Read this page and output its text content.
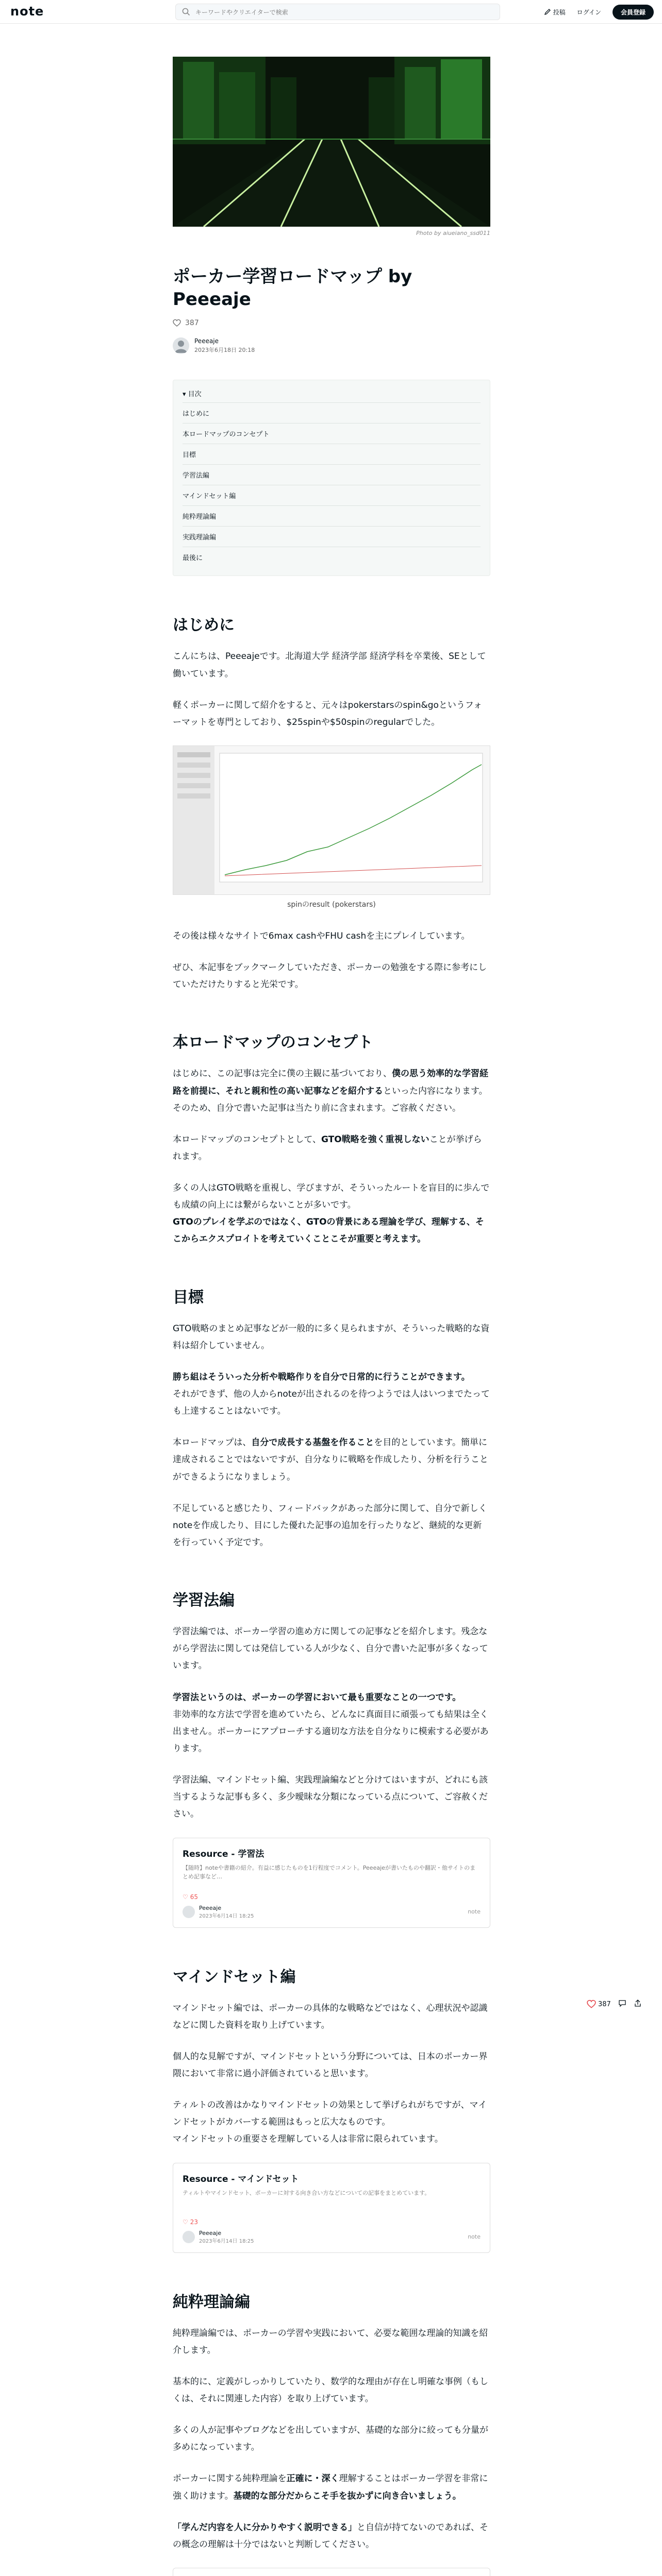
note
キーワードやクリエイターで検索	投稿 ログイン	会員登録
Photo by aiueiano_ssd011
ポーカー学習ロードマップ by Peeeaje
387
Peeeaje
2023年6月18日 20:18
▾ 目次
はじめに
本ロードマップのコンセプト
目標
学習法編
マインドセット編
純粋理論編
実践理論編
最後に
はじめに

こんにちは、Peeeajeです。北海道大学 経済学部 経済学科を卒業後、SEとして働いています。

軽くポーカーに関して紹介をすると、元々はpokerstarsのspin&goというフォーマットを専門としており、$25spinや$50spinのregularでした。

spinのresult (pokerstars)

その後は様々なサイトで6max cashやFHU cashを主にプレイしています。

ぜひ、本記事をブックマークしていただき、ポーカーの勉強をする際に参考にしていただけたりすると光栄です。

本ロードマップのコンセプト

はじめに、この記事は完全に僕の主観に基づいており、僕の思う効率的な学習経路を前提に、それと親和性の高い記事などを紹介するといった内容になります。
そのため、自分で書いた記事は当たり前に含まれます。ご容赦ください。

本ロードマップのコンセプトとして、GTO戦略を強く重視しないことが挙げられます。

多くの人はGTO戦略を重視し、学びますが、そういったルートを盲目的に歩んでも成績の向上には繋がらないことが多いです。
GTOのプレイを学ぶのではなく、GTOの背景にある理論を学び、理解する、そこからエクスプロイトを考えていくことこそが重要と考えます。

目標

GTO戦略のまとめ記事などが一般的に多く見られますが、そういった戦略的な資料は紹介していません。

勝ち組はそういった分析や戦略作りを自分で日常的に行うことができます。
それができず、他の人からnoteが出されるのを待つようでは人はいつまでたっても上達することはないです。

本ロードマップは、自分で成長する基盤を作ることを目的としています。簡単に達成されることではないですが、自分なりに戦略を作成したり、分析を行うことができるようになりましょう。

不足していると感じたり、フィードバックがあった部分に関して、自分で新しくnoteを作成したり、目にした優れた記事の追加を行ったりなど、継続的な更新を行っていく予定です。

学習法編

学習法編では、ポーカー学習の進め方に関しての記事などを紹介します。残念ながら学習法に関しては発信している人が少なく、自分で書いた記事が多くなっています。

学習法というのは、ポーカーの学習において最も重要なことの一つです。
非効率的な方法で学習を進めていたら、どんなに真面目に頑張っても結果は全く出ません。ポーカーにアプローチする適切な方法を自分なりに模索する必要があります。

学習法編、マインドセット編、実践理論編などと分けてはいますが、どれにも該当するような記事も多く、多少曖昧な分類になっている点について、ご容赦ください。

Resource - 学習法
【随時】noteや書籍の紹介。有益に感じたものを1行程度でコメント。Peeeajeが書いたものや翻訳・他サイトのまとめ記事など…
♡ 65
Peeeaje
2023年6月14日 18:25
note
マインドセット編

マインドセット編では、ポーカーの具体的な戦略などではなく、心理状況や認識などに関した資料を取り上げています。

個人的な見解ですが、マインドセットという分野については、日本のポーカー界隈において非常に過小評価されていると思います。

ティルトの改善はかなりマインドセットの効果として挙げられがちですが、マインドセットがカバーする範囲はもっと広大なものです。
マインドセットの重要さを理解している人は非常に限られています。

Resource - マインドセット
ティルトやマインドセット、ポーカーに対する向き合い方などについての記事をまとめています。
♡ 23
Peeeaje
2023年6月14日 18:25
note
純粋理論編

純粋理論編では、ポーカーの学習や実践において、必要な範囲な理論的知識を紹介します。

基本的に、定義がしっかりしていたり、数学的な理由が存在し明確な事例（もしくは、それに関連した内容）を取り上げています。

多くの人が記事やブログなどを出していますが、基礎的な部分に絞っても分量が多めになっています。

ポーカーに関する純粋理論を正確に・深く理解することはポーカー学習を非常に強く助けます。基礎的な部分だからこそ手を抜かずに向き合いましょう。

「学んだ内容を人に分かりやすく説明できる」と自信が持てないのであれば、その概念の理解は十分ではないと判断してください。

387
